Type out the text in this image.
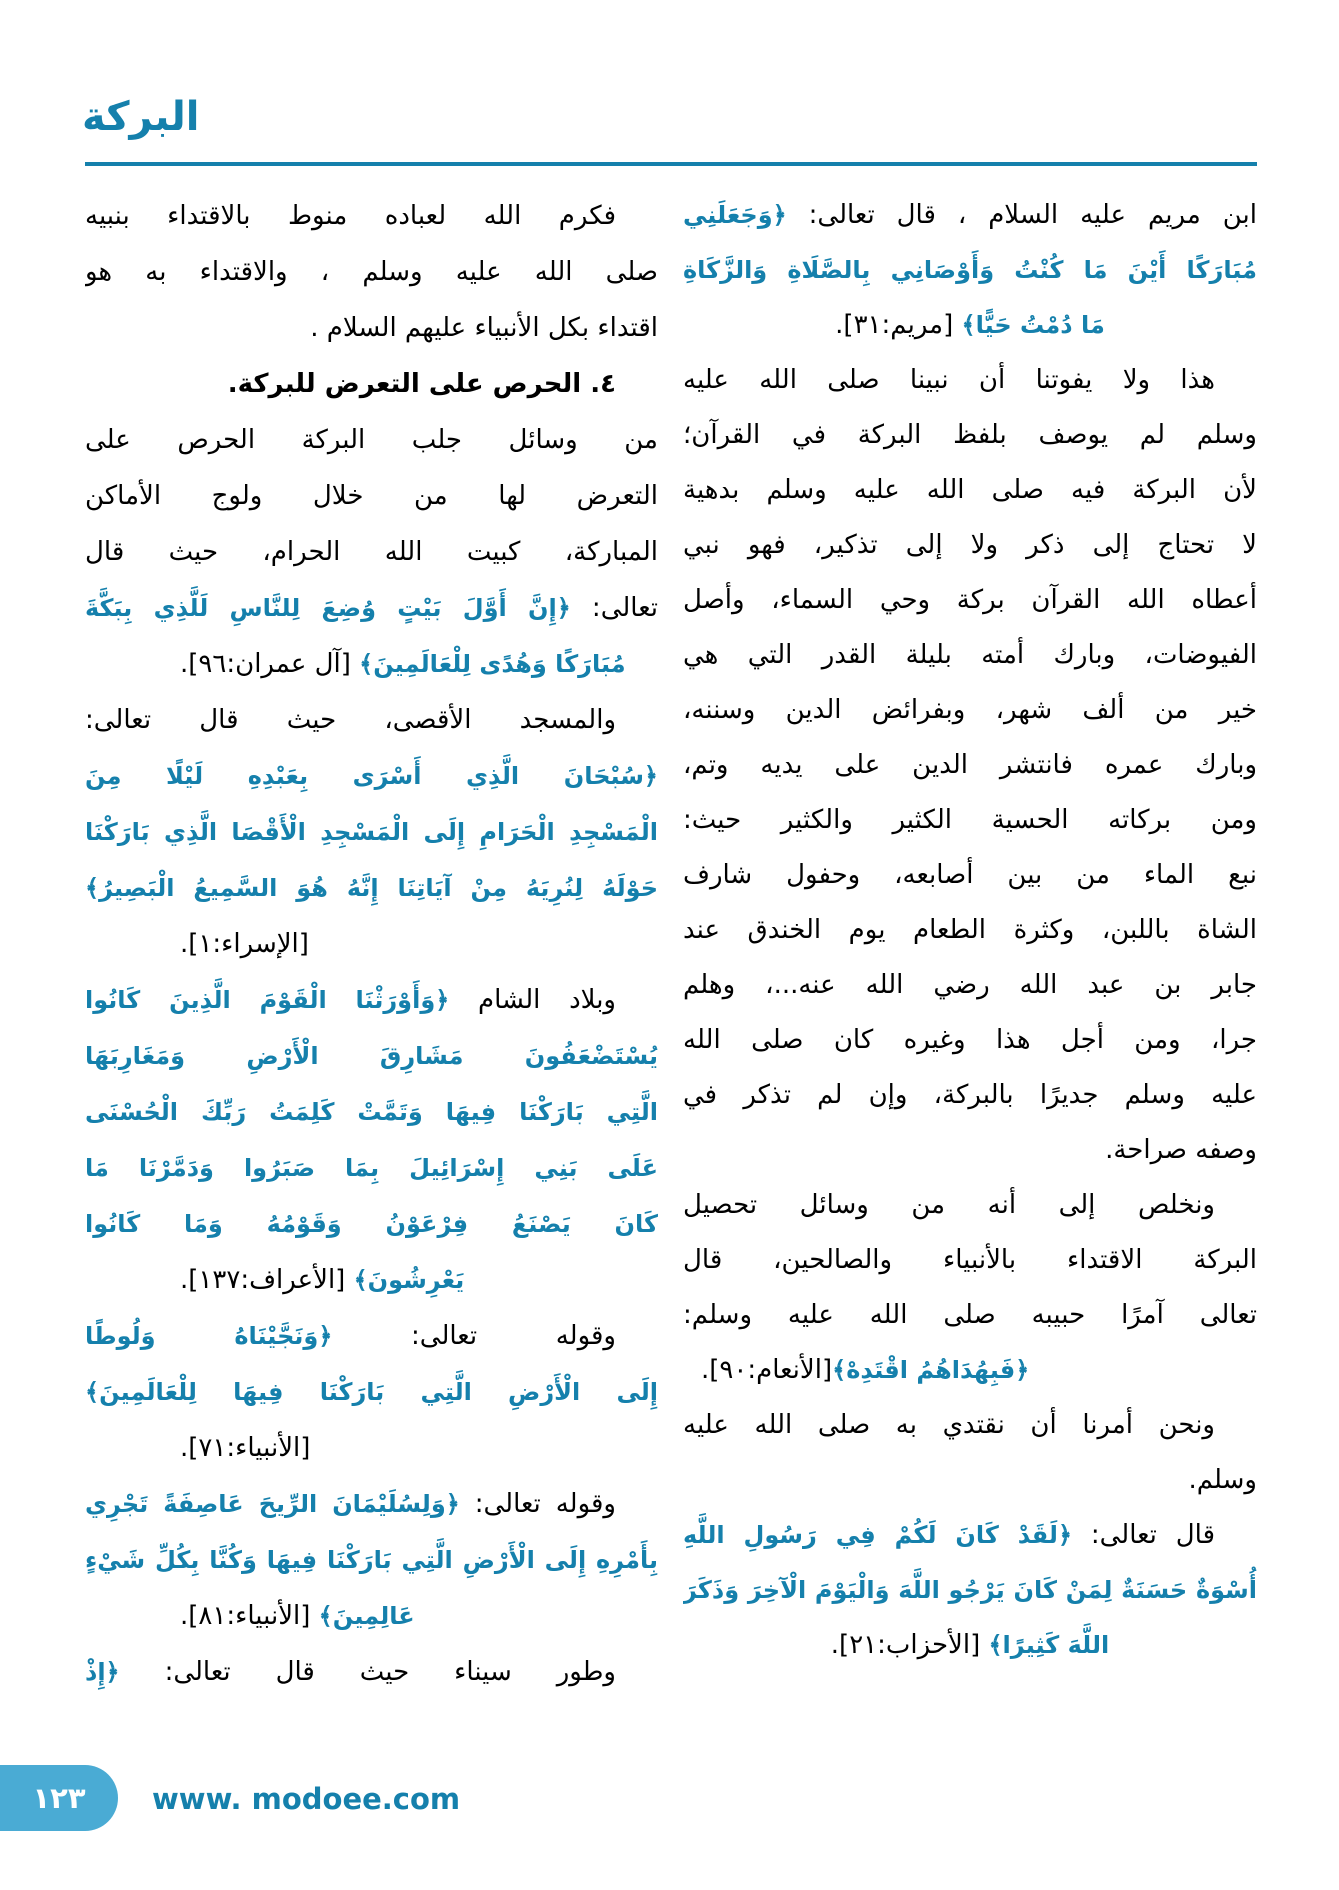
البركة
ابن مريم عليه السلام ، قال تعالى: ﴿وَجَعَلَنِي
مُبَارَكًا أَيْنَ مَا كُنْتُ وَأَوْصَانِي بِالصَّلَاةِ وَالزَّكَاةِ
مَا دُمْتُ حَيًّا﴾ [مريم:٣١].
هذا ولا يفوتنا أن نبينا صلى الله عليه
وسلم لم يوصف بلفظ البركة في القرآن؛
لأن البركة فيه صلى الله عليه وسلم بدهية
لا تحتاج إلى ذكر ولا إلى تذكير، فهو نبي
أعطاه الله القرآن بركة وحي السماء، وأصل
الفيوضات، وبارك أمته بليلة القدر التي هي
خير من ألف شهر، وبفرائض الدين وسننه،
وبارك عمره فانتشر الدين على يديه وتم،
ومن بركاته الحسية الكثير والكثير حيث:
نبع الماء من بين أصابعه، وحفول شارف
الشاة باللبن، وكثرة الطعام يوم الخندق عند
جابر بن عبد الله رضي الله عنه...، وهلم
جرا، ومن أجل هذا وغيره كان صلى الله
عليه وسلم جديرًا بالبركة، وإن لم تذكر في
وصفه صراحة.
ونخلص إلى أنه من وسائل تحصيل
البركة الاقتداء بالأنبياء والصالحين، قال
تعالى آمرًا حبيبه صلى الله عليه وسلم:
﴿فَبِهُدَاهُمُ اقْتَدِهْ﴾[الأنعام:٩٠].
ونحن أمرنا أن نقتدي به صلى الله عليه
وسلم.
قال تعالى: ﴿لَقَدْ كَانَ لَكُمْ فِي رَسُولِ اللَّهِ
أُسْوَةٌ حَسَنَةٌ لِمَنْ كَانَ يَرْجُو اللَّهَ وَالْيَوْمَ الْآخِرَ وَذَكَرَ
اللَّهَ كَثِيرًا﴾ [الأحزاب:٢١].
فكرم الله لعباده منوط بالاقتداء بنبيه
صلى الله عليه وسلم ، والاقتداء به هو
اقتداء بكل الأنبياء عليهم السلام .
٤. الحرص على التعرض للبركة.
من وسائل جلب البركة الحرص على
التعرض لها من خلال ولوج الأماكن
المباركة، كبيت الله الحرام، حيث قال
تعالى: ﴿إِنَّ أَوَّلَ بَيْتٍ وُضِعَ لِلنَّاسِ لَلَّذِي بِبَكَّةَ
مُبَارَكًا وَهُدًى لِلْعَالَمِينَ﴾ [آل عمران:٩٦].
والمسجد الأقصى، حيث قال تعالى:
﴿سُبْحَانَ الَّذِي أَسْرَى بِعَبْدِهِ لَيْلًا مِنَ
الْمَسْجِدِ الْحَرَامِ إِلَى الْمَسْجِدِ الْأَقْصَا الَّذِي بَارَكْنَا
حَوْلَهُ لِنُرِيَهُ مِنْ آيَاتِنَا إِنَّهُ هُوَ السَّمِيعُ الْبَصِيرُ﴾
[الإسراء:١].
وبلاد الشام ﴿وَأَوْرَثْنَا الْقَوْمَ الَّذِينَ كَانُوا
يُسْتَضْعَفُونَ مَشَارِقَ الْأَرْضِ وَمَغَارِبَهَا
الَّتِي بَارَكْنَا فِيهَا وَتَمَّتْ كَلِمَتُ رَبِّكَ الْحُسْنَى
عَلَى بَنِي إِسْرَائِيلَ بِمَا صَبَرُوا وَدَمَّرْنَا مَا
كَانَ يَصْنَعُ فِرْعَوْنُ وَقَوْمُهُ وَمَا كَانُوا
يَعْرِشُونَ﴾ [الأعراف:١٣٧].
وقوله تعالى: ﴿وَنَجَّيْنَاهُ وَلُوطًا
إِلَى الْأَرْضِ الَّتِي بَارَكْنَا فِيهَا لِلْعَالَمِينَ﴾
[الأنبياء:٧١].
وقوله تعالى: ﴿وَلِسُلَيْمَانَ الرِّيحَ عَاصِفَةً تَجْرِي
بِأَمْرِهِ إِلَى الْأَرْضِ الَّتِي بَارَكْنَا فِيهَا وَكُنَّا بِكُلِّ شَيْءٍ
عَالِمِينَ﴾ [الأنبياء:٨١].
وطور سيناء حيث قال تعالى: ﴿إِذْ
١٢٣ www. modoee.com
